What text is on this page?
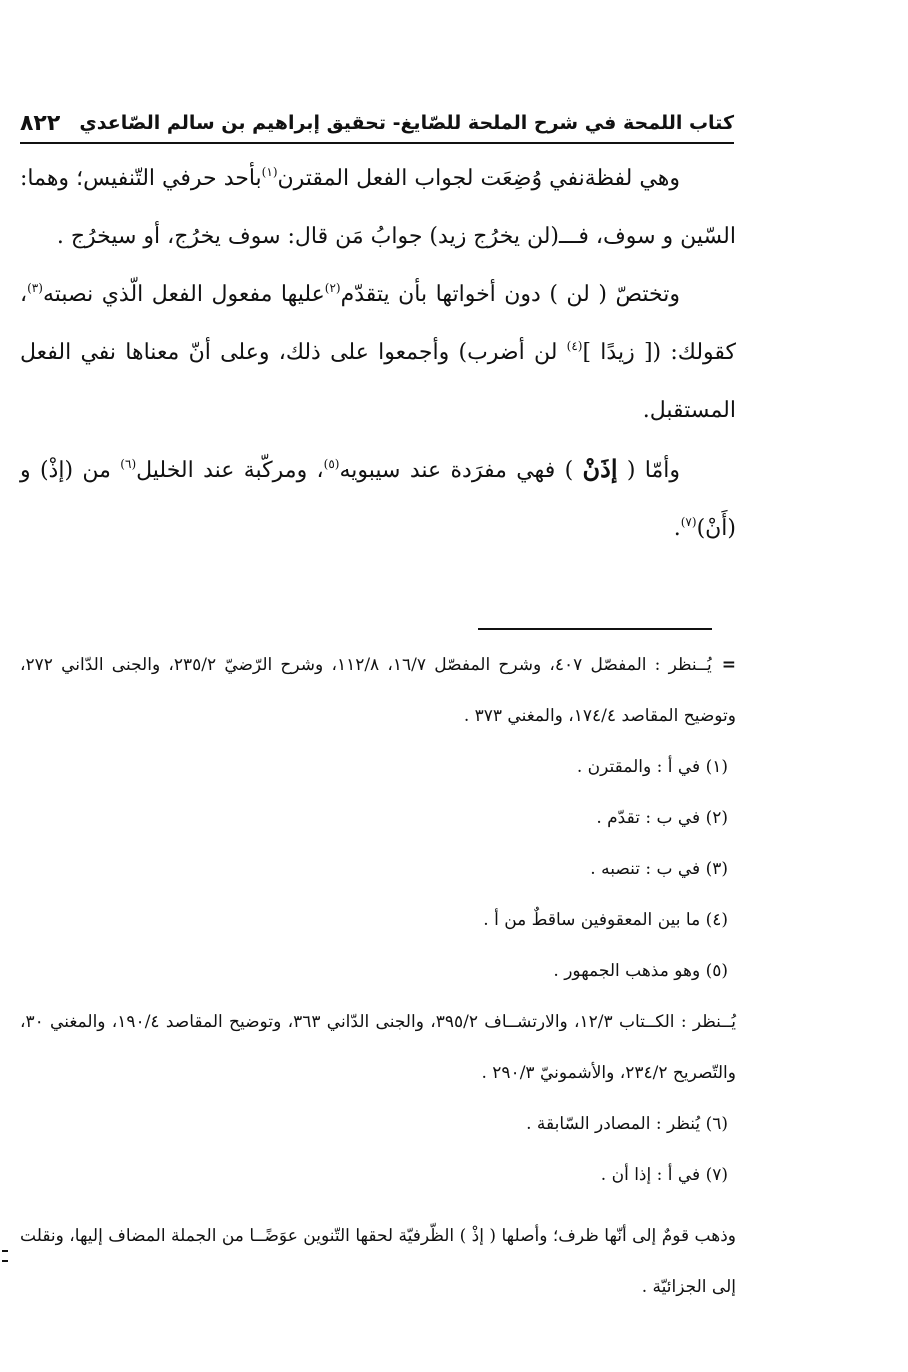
كتاب اللمحة في شرح الملحة للصّايغ- تحقيق إبراهيم بن سالم الصّاعدي
٨٢٢

وهي لفظةنفي وُضِعَت لجواب الفعل المقترن$^{(١)}$بأحد حرفي التّنفيس؛ وهما: السّين و سوف، فـــ(لن يخرُج زيد) جوابُ مَن قال: سوف يخرُج، أو سيخرُج .

وتختصّ ( لن ) دون أخواتها بأن يتقدّم$^{(٢)}$عليها مفعول الفعل الّذي نصبته$^{(٣)}$، كقولك: ([ زيدًا ]$^{(٤)}$ لن أضرب) وأجمعوا على ذلك، وعلى أنّ معناها نفي الفعل المستقبل.

وأمّا ( إذَنْ ) فهي مفرَدة عند سيبويه$^{(٥)}$، ومركّبة عند الخليل$^{(٦)}$ من (إذْ) و (أَنْ)$^{(٧)}$.

=يُــنظر : المفصّل ٤٠٧، وشرح المفصّل ١٦/٧، ١١٢/٨، وشرح الرّضيّ ٢٣٥/٢، والجنى الدّاني ٢٧٢، وتوضيح المقاصد ١٧٤/٤، والمغني ٣٧٣ .

(١) في أ : والمقترن .

(٢) في ب : تقدّم .

(٣) في ب : تنصبه .

(٤) ما بين المعقوفين ساقطٌ من أ .

(٥) وهو مذهب الجمهور .

يُــنظر : الكــتاب ١٢/٣، والارتشــاف ٣٩٥/٢، والجنى الدّاني ٣٦٣، وتوضيح المقاصد ١٩٠/٤، والمغني ٣٠، والتّصريح ٢٣٤/٢، والأشمونيّ ٢٩٠/٣ .

(٦) يُنظر : المصادر السّابقة .

(٧) في أ : إذا أن .

وذهب قومٌ إلى أنّها ظرف؛ وأصلها ( إذْ ) الظّرفيّة لحقها التّنوين عوَضًــا من الجملة المضاف إليها، ونقلت إلى الجزائيّة .
